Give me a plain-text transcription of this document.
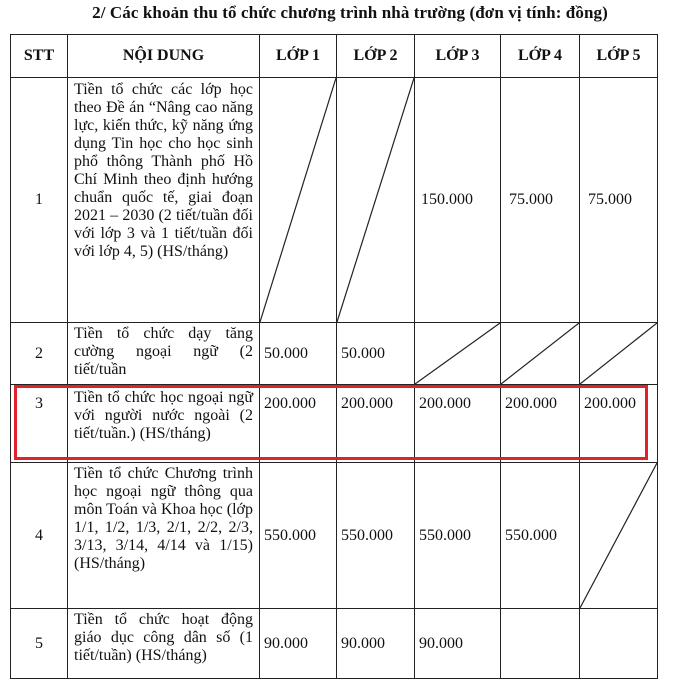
2/ Các khoản thu tổ chức chương trình nhà trường (đơn vị tính: đồng)
STT	NỘI DUNG	LỚP 1	LỚP 2	LỚP 3	LỚP 4	LỚP 5
1	Tiền tổ chức các lớp học theo Đề án “Nâng cao năng lực, kiến thức, kỹ năng ứng dụng Tin học cho học sinh phổ thông Thành phố Hồ Chí Minh theo định hướng chuẩn quốc tế, giai đoạn 2021 – 2030 (2 tiết/tuần đối với lớp 3 và 1 tiết/tuần đối với lớp 4, 5) (HS/tháng)			150.000	75.000	75.000
2	Tiền tổ chức dạy tăng cường ngoại ngữ (2 tiết/tuần	50.000	50.000	

3	Tiền tổ chức học ngoại ngữ với người nước ngoài (2 tiết/tuần.) (HS/tháng)	200.000	200.000	200.000	200.000	200.000
4	Tiền tổ chức Chương trình học ngoại ngữ thông qua môn Toán và Khoa học (lớp 1/1, 1/2, 1/3, 2/1, 2/2, 2/3, 3/13, 3/14, 4/14 và 1/15) (HS/tháng)	550.000	550.000	550.000	550.000	

5	Tiền tổ chức hoạt động giáo dục công dân số (1 tiết/tuần) (HS/tháng)	90.000	90.000	90.000		
